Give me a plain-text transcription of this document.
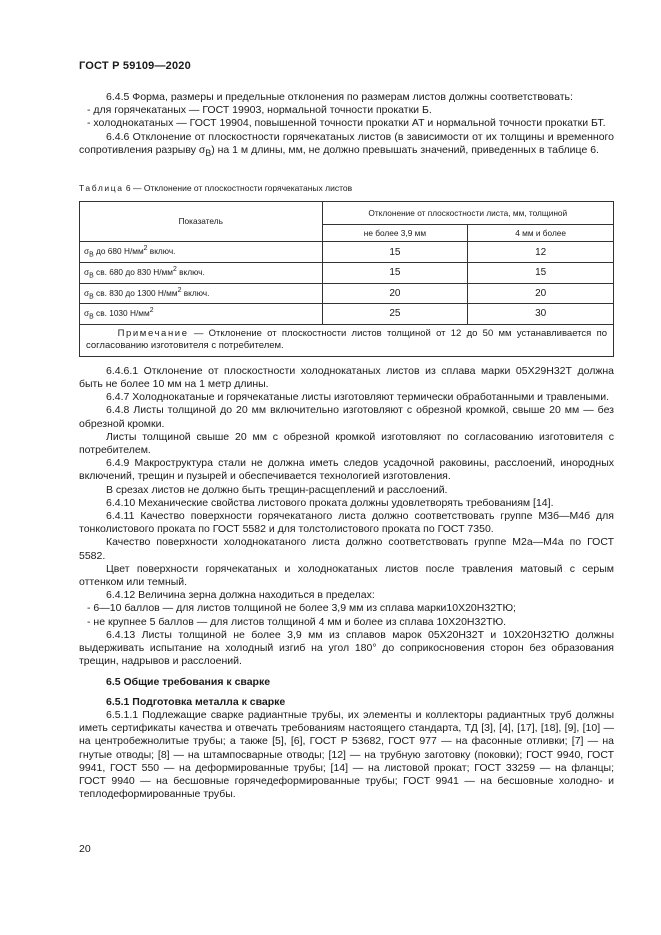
ГОСТ Р 59109—2020

6.4.5 Форма, размеры и предельные отклонения по размерам листов должны соответствовать:

- для горячекатаных — ГОСТ 19903, нормальной точности прокатки Б.

- холоднокатаных — ГОСТ 19904, повышенной точности прокатки АТ и нормальной точности прокатки БТ.

6.4.6 Отклонение от плоскостности горячекатаных листов (в зависимости от их толщины и временного сопротивления разрыву $\sigma_В$) на 1 м длины, мм, не должно превышать значений, приведенных в таблице 6.

Таблица 6 — Отклонение от плоскостности горячекатаных листов
Показатель	Отклонение от плоскостности листа, мм, толщиной	
	не более 3,9 мм	4 мм и более
$\sigma_В$ до 680 $Н/мм^2$ включ.	15	12
$\sigma_В$ св. 680 до 830 $Н/мм^2$ включ.	15	15
$\sigma_В$ св. 830 до 1300 $Н/мм^2$ включ.	20	20
$\sigma_В$ св. 1030 $Н/мм^2$	25	30
Примечание — Отклонение от плоскостности листов толщиной от 12 до 50 мм устанавливается по согласованию изготовителя с потребителем.		

6.4.6.1 Отклонение от плоскостности холоднокатаных листов из сплава марки 05Х29Н32Т должна быть не более 10 мм на 1 метр длины.

6.4.7 Холоднокатаные и горячекатаные листы изготовляют термически обработанными и травлеными.

6.4.8 Листы толщиной до 20 мм включительно изготовляют с обрезной кромкой, свыше 20 мм — без обрезной кромки.

Листы толщиной свыше 20 мм с обрезной кромкой изготовляют по согласованию изготовителя с потребителем.

6.4.9 Макроструктура стали не должна иметь следов усадочной раковины, расслоений, инородных включений, трещин и пузырей и обеспечивается технологией изготовления.

В срезах листов не должно быть трещин-расщеплений и расслоений.

6.4.10 Механические свойства листового проката должны удовлетворять требованиям [14].

6.4.11 Качество поверхности горячекатаного листа должно соответствовать группе М3б—М4б для тонколистового проката по ГОСТ 5582 и для толстолистового проката по ГОСТ 7350.

Качество поверхности холоднокатаного листа должно соответствовать группе М2а—М4а по ГОСТ 5582.

Цвет поверхности горячекатаных и холоднокатаных листов после травления матовый с серым оттенком или темный.

6.4.12 Величина зерна должна находиться в пределах:

- 6—10 баллов — для листов толщиной не более 3,9 мм из сплава марки10Х20Н32ТЮ;

- не крупнее 5 баллов — для листов толщиной 4 мм и более из сплава 10Х20Н32ТЮ.

6.4.13 Листы толщиной не более 3,9 мм из сплавов марок 05Х20Н32Т и 10Х20Н32ТЮ должны выдерживать испытание на холодный изгиб на угол 180° до соприкосновения сторон без образования трещин, надрывов и расслоений.

6.5 Общие требования к сварке

6.5.1 Подготовка металла к сварке

6.5.1.1 Подлежащие сварке радиантные трубы, их элементы и коллекторы радиантных труб должны иметь сертификаты качества и отвечать требованиям настоящего стандарта, ТД [3], [4], [17], [18], [9], [10] — на центробежнолитые трубы; а также [5], [6], ГОСТ Р 53682, ГОСТ 977 — на фасонные отливки; [7] — на гнутые отводы; [8] — на штампосварные отводы; [12] — на трубную заготовку (поковки); ГОСТ 9940, ГОСТ 9941, ГОСТ 550 — на деформированные трубы; [14] — на листовой прокат; ГОСТ 33259 — на фланцы; ГОСТ 9940 — на бесшовные горячедеформированные трубы; ГОСТ 9941 — на бесшовные холодно- и теплодеформированные трубы.

20
